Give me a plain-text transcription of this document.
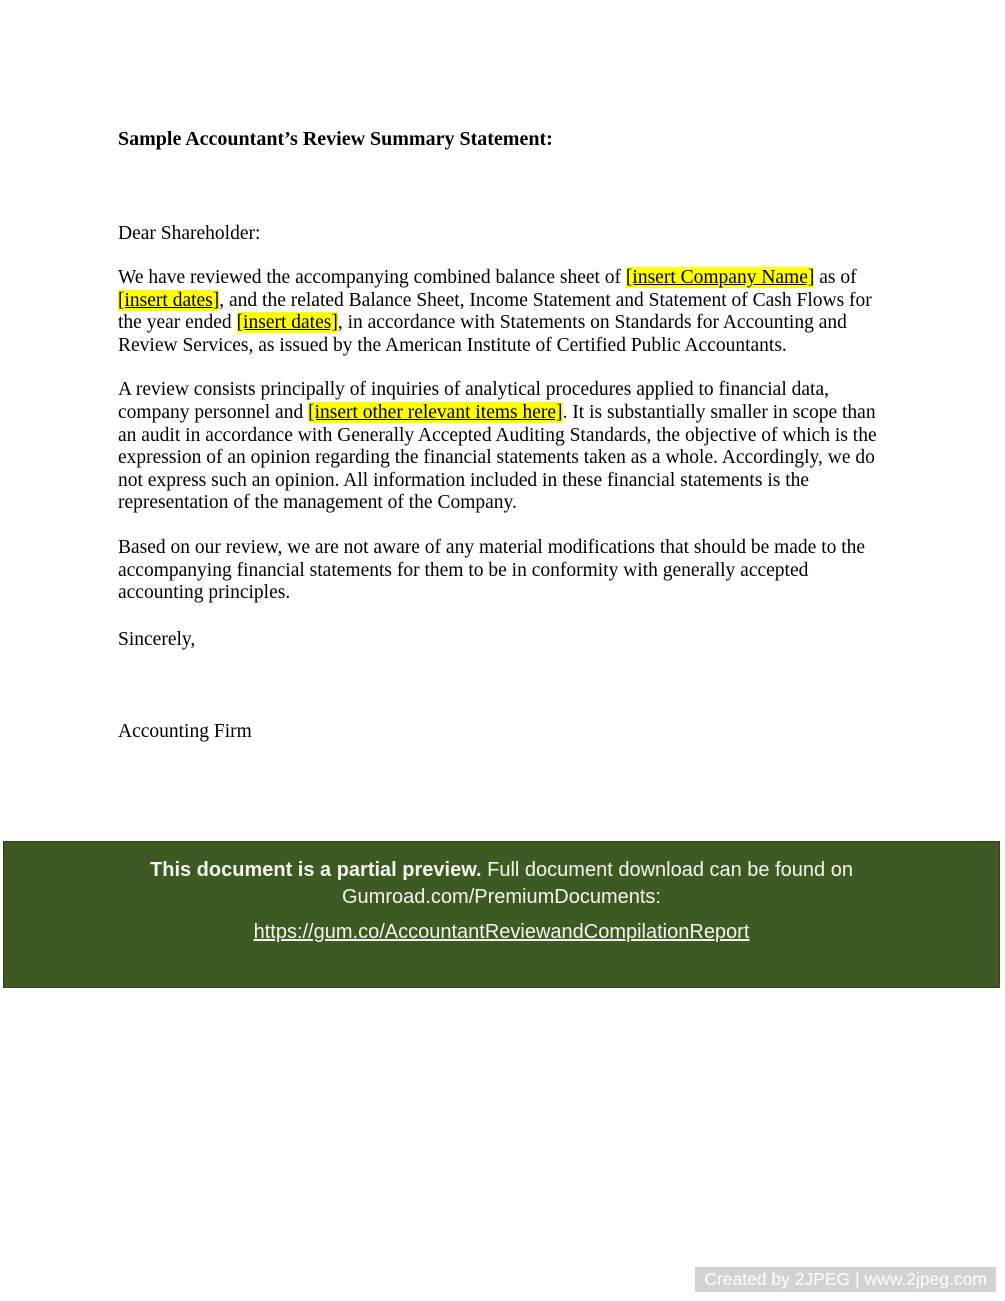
Sample Accountant’s Review Summary Statement:
Dear Shareholder:

We have reviewed the accompanying combined balance sheet of [insert Company Name] as of [insert dates], and the related Balance Sheet, Income Statement and Statement of Cash Flows for the year ended [insert dates], in accordance with Statements on Standards for Accounting and Review Services, as issued by the American Institute of Certified Public Accountants.

A review consists principally of inquiries of analytical procedures applied to financial data, company personnel and [insert other relevant items here]. It is substantially smaller in scope than an audit in accordance with Generally Accepted Auditing Standards, the objective of which is the expression of an opinion regarding the financial statements taken as a whole. Accordingly, we do not express such an opinion. All information included in these financial statements is the representation of the management of the Company.

Based on our review, we are not aware of any material modifications that should be made to the accompanying financial statements for them to be in conformity with generally accepted accounting principles.

Sincerely,
Accounting Firm
This document is a partial preview. Full document download can be found on Gumroad.com/PremiumDocuments:
https://gum.co/AccountantReviewandCompilationReport
Created by 2JPEG | www.2jpeg.com
